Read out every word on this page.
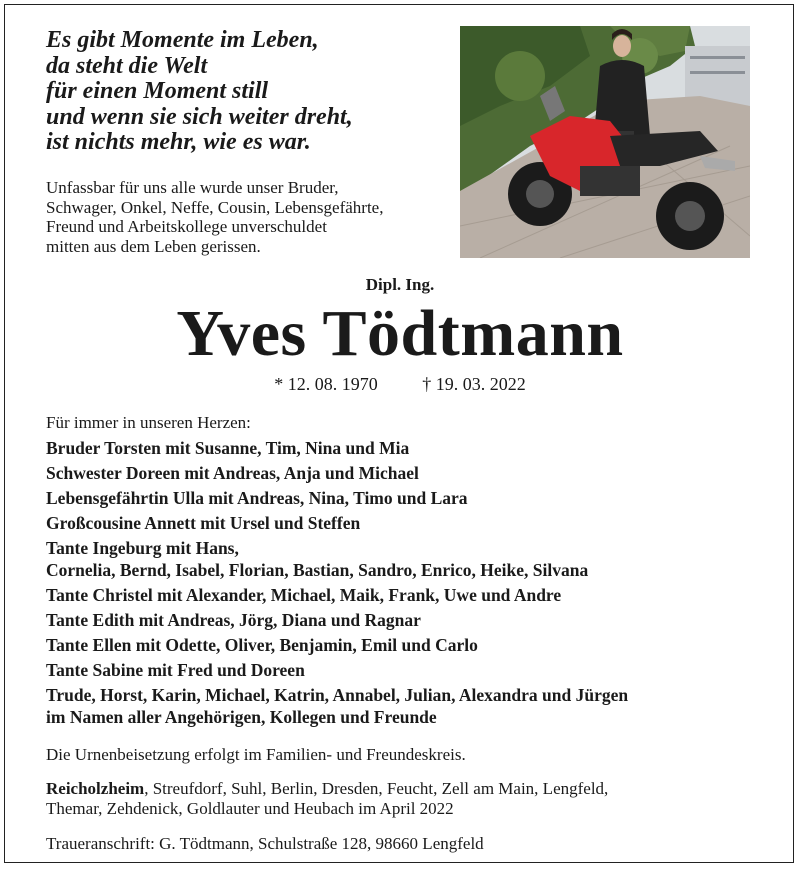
Es gibt Momente im Leben,
da steht die Welt
für einen Moment still
und wenn sie sich weiter dreht,
ist nichts mehr, wie es war.
Unfassbar für uns alle wurde unser Bruder,
Schwager, Onkel, Neffe, Cousin, Lebensgefährte,
Freund und Arbeitskollege unverschuldet
mitten aus dem Leben gerissen.
Dipl. Ing.
Yves Tödtmann
* 12. 08. 1970 † 19. 03. 2022
Für immer in unseren Herzen:
Bruder Torsten mit Susanne, Tim, Nina und Mia
Schwester Doreen mit Andreas, Anja und Michael
Lebensgefährtin Ulla mit Andreas, Nina, Timo und Lara
Großcousine Annett mit Ursel und Steffen
Tante Ingeburg mit Hans,
Cornelia, Bernd, Isabel, Florian, Bastian, Sandro, Enrico, Heike, Silvana
Tante Christel mit Alexander, Michael, Maik, Frank, Uwe und Andre
Tante Edith mit Andreas, Jörg, Diana und Ragnar
Tante Ellen mit Odette, Oliver, Benjamin, Emil und Carlo
Tante Sabine mit Fred und Doreen
Trude, Horst, Karin, Michael, Katrin, Annabel, Julian, Alexandra und Jürgen
im Namen aller Angehörigen, Kollegen und Freunde
Die Urnenbeisetzung erfolgt im Familien- und Freundeskreis.
Reicholzheim, Streufdorf, Suhl, Berlin, Dresden, Feucht, Zell am Main, Lengfeld,
Themar, Zehdenick, Goldlauter und Heubach im April 2022
Traueranschrift: G. Tödtmann, Schulstraße 128, 98660 Lengfeld
